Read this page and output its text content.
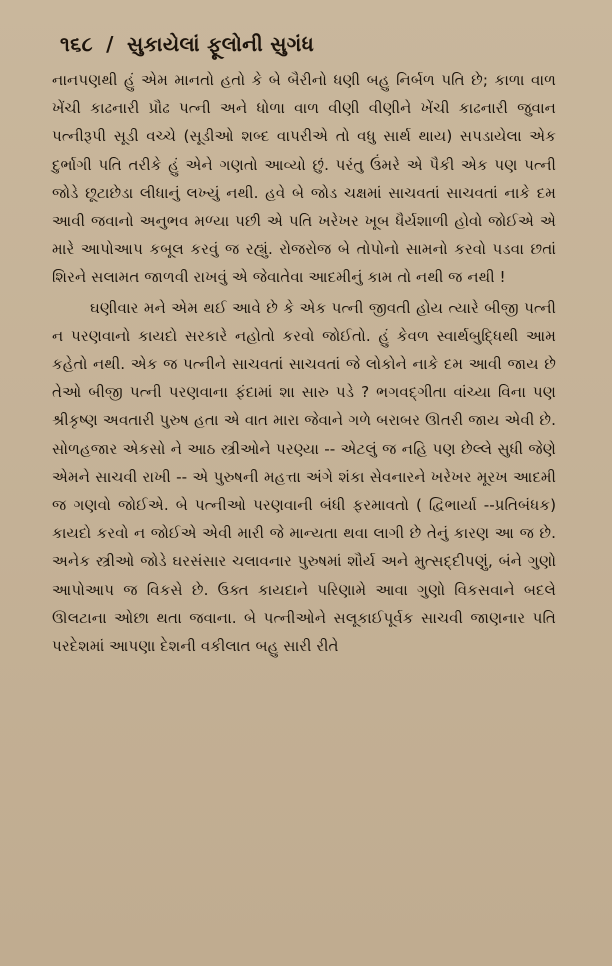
૧૬૮ / સુકાયેલાં ફૂલોની સુગંધ

નાનપણથી હું એમ માનતો હતો કે બે બૈરીનો ધણી બહુ નિર્બળ પતિ છે; કાળા વાળ ખેંચી કાઢનારી પ્રૌઢ પત્ની અને ધોળા વાળ વીણી વીણીને ખેંચી કાઢનારી જુવાન પત્નીરૂપી સૂડી વચ્ચે (સૂડીઓ શબ્દ વાપરીએ તો વધુ સાર્થ થાય) સપડાયેલા એક દુર્ભાગી પતિ તરીકે હું એને ગણતો આવ્યો છું. પરંતુ ઉંમરે એ પૈકી એક પણ પત્ની જોડે છૂટાછેડા લીધાનું લખ્યું નથી. હવે બે જોડ ચક્ષમાં સાચવતાં સાચવતાં નાકે દમ આવી જવાનો અનુભવ મળ્યા પછી એ પતિ ખરેખર ખૂબ ધૈર્યશાળી હોવો જોઈએ એ મારે આપોઆપ કબૂલ કરવું જ રહ્યું. રોજરોજ બે તોપોનો સામનો કરવો પડવા છતાં શિરને સલામત જાળવી રાખવું એ જેવાતેવા આદમીનું કામ તો નથી જ નથી !

ઘણીવાર મને એમ થઈ આવે છે કે એક પત્ની જીવતી હોય ત્યારે બીજી પત્ની ન પરણવાનો કાયદો સરકારે નહોતો કરવો જોઈતો. હું કેવળ સ્વાર્થબુદ્ધિથી આમ કહેતો નથી. એક જ પત્નીને સાચવતાં સાચવતાં જે લોકોને નાકે દમ આવી જાય છે તેઓ બીજી પત્ની પરણવાના ફંદામાં શા સારુ પડે ? ભગવદ્ગીતા વાંચ્યા વિના પણ શ્રીકૃષ્ણ અવતારી પુરુષ હતા એ વાત મારા જેવાને ગળે બરાબર ઊતરી જાય એવી છે. સોળહજાર એકસો ને આઠ સ્ત્રીઓને પરણ્યા -- એટલું જ નહિ પણ છેલ્લે સુધી જેણે એમને સાચવી રાખી -- એ પુરુષની મહત્તા અંગે શંકા સેવનારને ખરેખર મૂરખ આદમી જ ગણવો જોઈએ. બે પત્નીઓ પરણવાની બંધી ફરમાવતો ( દ્વિભાર્યા --પ્રતિબંધક) કાયદો કરવો ન જોઈએ એવી મારી જે માન્યતા થવા લાગી છે તેનું કારણ આ જ છે. અનેક સ્ત્રીઓ જોડે ઘરસંસાર ચલાવનાર પુરુષમાં શૌર્ય અને મુત્સદ્દીપણું, બંને ગુણો આપોઆપ જ વિકસે છે. ઉક્ત કાયદાને પરિણામે આવા ગુણો વિકસવાને બદલે ઊલટાના ઓછા થતા જવાના. બે પત્નીઓને સલૂકાઈપૂર્વક સાચવી જાણનાર પતિ પરદેશમાં આપણા દેશની વકીલાત બહુ સારી રીતે
